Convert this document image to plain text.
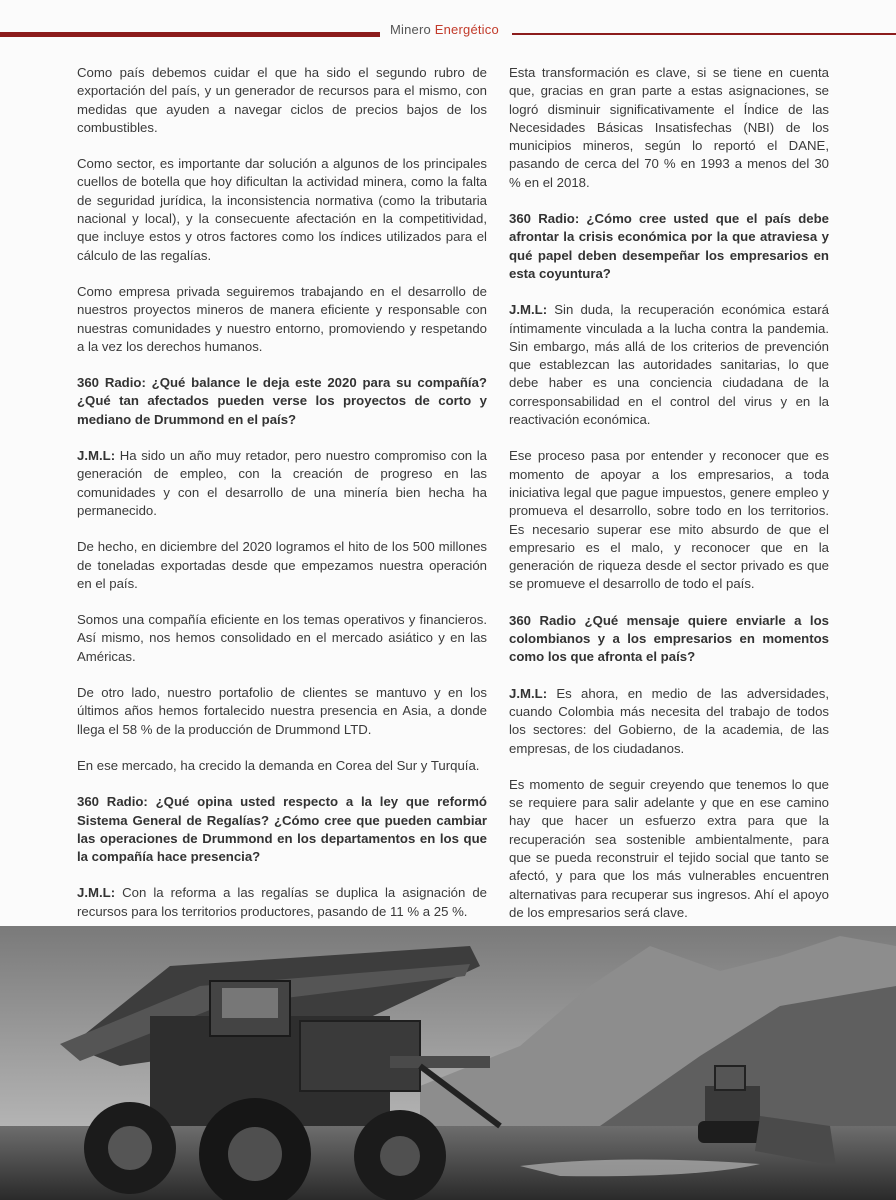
Minero Energético

Como país debemos cuidar el que ha sido el segundo rubro de exportación del país, y un generador de recursos para el mismo, con medidas que ayuden a navegar ciclos de precios bajos de los combustibles.

Como sector, es importante dar solución a algunos de los principales cuellos de botella que hoy dificultan la actividad minera, como la falta de seguridad jurídica, la inconsistencia normativa (como la tributaria nacional y local), y la consecuente afectación en la competitividad, que incluye estos y otros factores como los índices utilizados para el cálculo de las regalías.

Como empresa privada seguiremos trabajando en el desarrollo de nuestros proyectos mineros de manera eficiente y responsable con nuestras comunidades y nuestro entorno, promoviendo y respetando a la vez los derechos humanos.

360 Radio: ¿Qué balance le deja este 2020 para su compañía? ¿Qué tan afectados pueden verse los proyectos de corto y mediano de Drummond en el país?

J.M.L: Ha sido un año muy retador, pero nuestro compromiso con la generación de empleo, con la creación de progreso en las comunidades y con el desarrollo de una minería bien hecha ha permanecido.

De hecho, en diciembre del 2020 logramos el hito de los 500 millones de toneladas exportadas desde que empezamos nuestra operación en el país.

Somos una compañía eficiente en los temas operativos y financieros. Así mismo, nos hemos consolidado en el mercado asiático y en las Américas.

De otro lado, nuestro portafolio de clientes se mantuvo y en los últimos años hemos fortalecido nuestra presencia en Asia, a donde llega el 58 % de la producción de Drummond LTD.

En ese mercado, ha crecido la demanda en Corea del Sur y Turquía.

360 Radio: ¿Qué opina usted respecto a la ley que reformó Sistema General de Regalías? ¿Cómo cree que pueden cambiar las operaciones de Drummond en los departamentos en los que la compañía hace presencia?

J.M.L: Con la reforma a las regalías se duplica la asignación de recursos para los territorios productores, pasando de 11 % a 25 %.

Esta transformación es clave, si se tiene en cuenta que, gracias en gran parte a estas asignaciones, se logró disminuir significativamente el Índice de las Necesidades Básicas Insatisfechas (NBI) de los municipios mineros, según lo reportó el DANE, pasando de cerca del 70 % en 1993 a menos del 30 % en el 2018.

360 Radio: ¿Cómo cree usted que el país debe afrontar la crisis económica por la que atraviesa y qué papel deben desempeñar los empresarios en esta coyuntura?

J.M.L: Sin duda, la recuperación económica estará íntimamente vinculada a la lucha contra la pandemia. Sin embargo, más allá de los criterios de prevención que establezcan las autoridades sanitarias, lo que debe haber es una conciencia ciudadana de la corresponsabilidad en el control del virus y en la reactivación económica.

Ese proceso pasa por entender y reconocer que es momento de apoyar a los empresarios, a toda iniciativa legal que pague impuestos, genere empleo y promueva el desarrollo, sobre todo en los territorios. Es necesario superar ese mito absurdo de que el empresario es el malo, y reconocer que en la generación de riqueza desde el sector privado es que se promueve el desarrollo de todo el país.

360 Radio ¿Qué mensaje quiere enviarle a los colombianos y a los empresarios en momentos como los que afronta el país?

J.M.L: Es ahora, en medio de las adversidades, cuando Colombia más necesita del trabajo de todos los sectores: del Gobierno, de la academia, de las empresas, de los ciudadanos.

Es momento de seguir creyendo que tenemos lo que se requiere para salir adelante y que en ese camino hay que hacer un esfuerzo extra para que la recuperación sea sostenible ambientalmente, para que se pueda reconstruir el tejido social que tanto se afectó, y para que los más vulnerables encuentren alternativas para recuperar sus ingresos. Ahí el apoyo de los empresarios será clave.
